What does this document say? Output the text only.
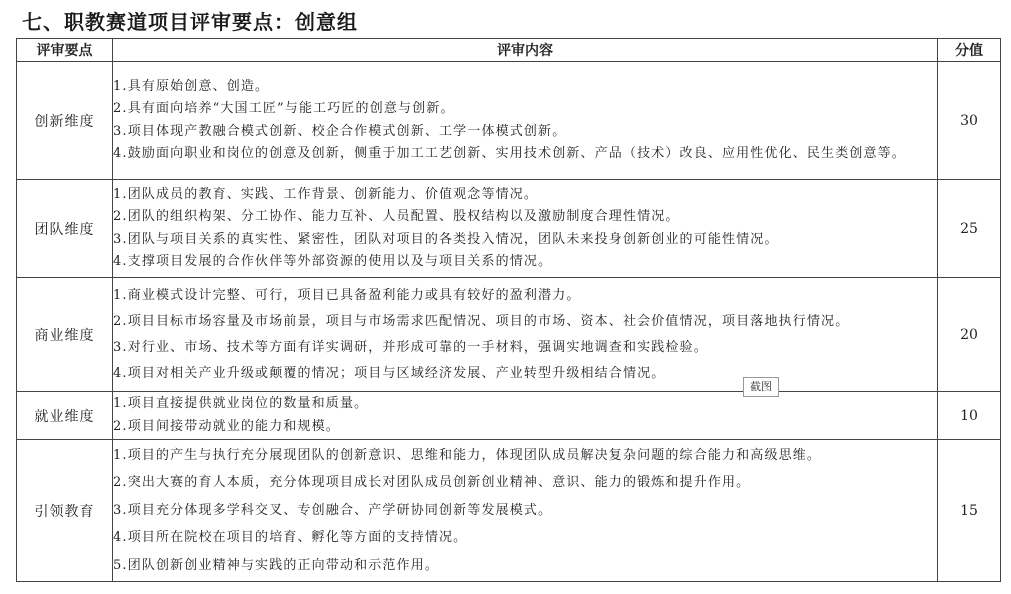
七、职教赛道项目评审要点：创意组
评审要点	评审内容	分值
创新维度	1.具有原始创意、创造。
2.具有面向培养“大国工匠”与能工巧匠的创意与创新。
3.项目体现产教融合模式创新、校企合作模式创新、工学一体模式创新。
4.鼓励面向职业和岗位的创意及创新，侧重于加工工艺创新、实用技术创新、产品（技术）改良、应用性优化、民生类创意等。	30
团队维度	1.团队成员的教育、实践、工作背景、创新能力、价值观念等情况。
2.团队的组织构架、分工协作、能力互补、人员配置、股权结构以及激励制度合理性情况。
3.团队与项目关系的真实性、紧密性，团队对项目的各类投入情况，团队未来投身创新创业的可能性情况。
4.支撑项目发展的合作伙伴等外部资源的使用以及与项目关系的情况。	25
商业维度	1.商业模式设计完整、可行，项目已具备盈利能力或具有较好的盈利潜力。
2.项目目标市场容量及市场前景，项目与市场需求匹配情况、项目的市场、资本、社会价值情况，项目落地执行情况。
3.对行业、市场、技术等方面有详实调研，并形成可靠的一手材料，强调实地调查和实践检验。
4.项目对相关产业升级或颠覆的情况；项目与区域经济发展、产业转型升级相结合情况。	20
就业维度	1.项目直接提供就业岗位的数量和质量。
2.项目间接带动就业的能力和规模。	10
引领教育	1.项目的产生与执行充分展现团队的创新意识、思维和能力，体现团队成员解决复杂问题的综合能力和高级思维。
2.突出大赛的育人本质，充分体现项目成长对团队成员创新创业精神、意识、能力的锻炼和提升作用。
3.项目充分体现多学科交叉、专创融合、产学研协同创新等发展模式。
4.项目所在院校在项目的培育、孵化等方面的支持情况。
5.团队创新创业精神与实践的正向带动和示范作用。	15
截图
